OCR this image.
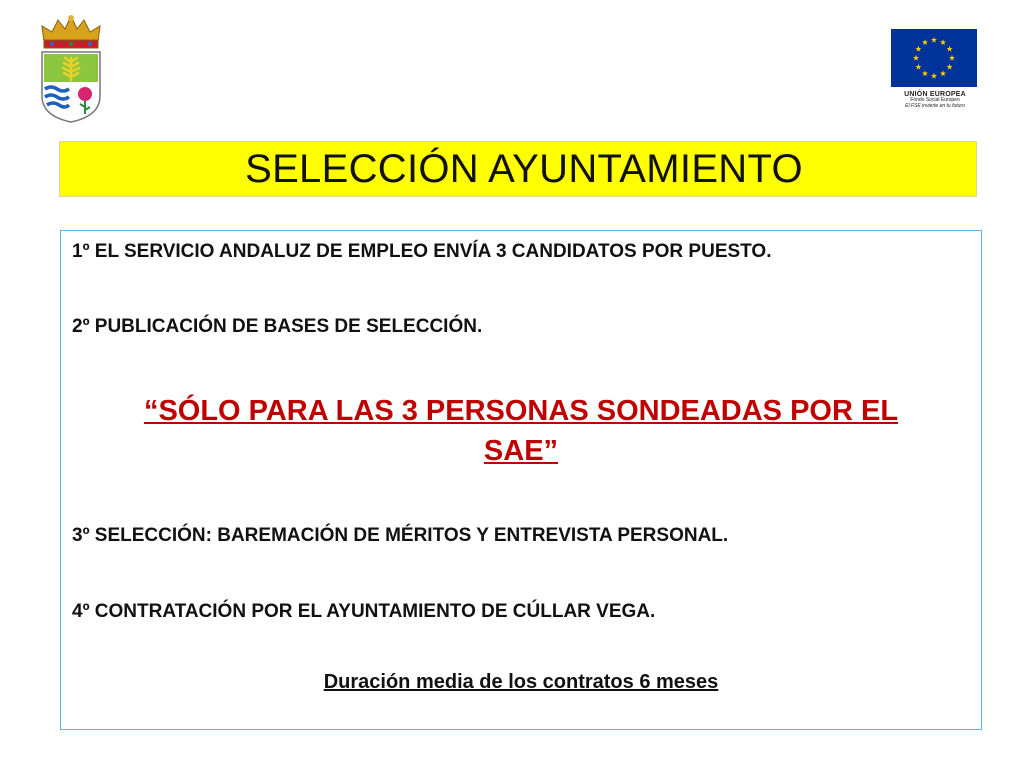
UNIÓN EUROPEA
Fondo Social Europeo
El FSE invierte en tu futuro
SELECCIÓN AYUNTAMIENTO

1º EL SERVICIO ANDALUZ DE EMPLEO ENVÍA 3 CANDIDATOS POR PUESTO.

2º PUBLICACIÓN DE BASES DE SELECCIÓN.

“SÓLO PARA LAS 3 PERSONAS SONDEADAS POR EL
SAE”

3º SELECCIÓN: BAREMACIÓN DE MÉRITOS Y ENTREVISTA PERSONAL.

4º CONTRATACIÓN POR EL AYUNTAMIENTO DE CÚLLAR VEGA.

Duración media de los contratos 6 meses
